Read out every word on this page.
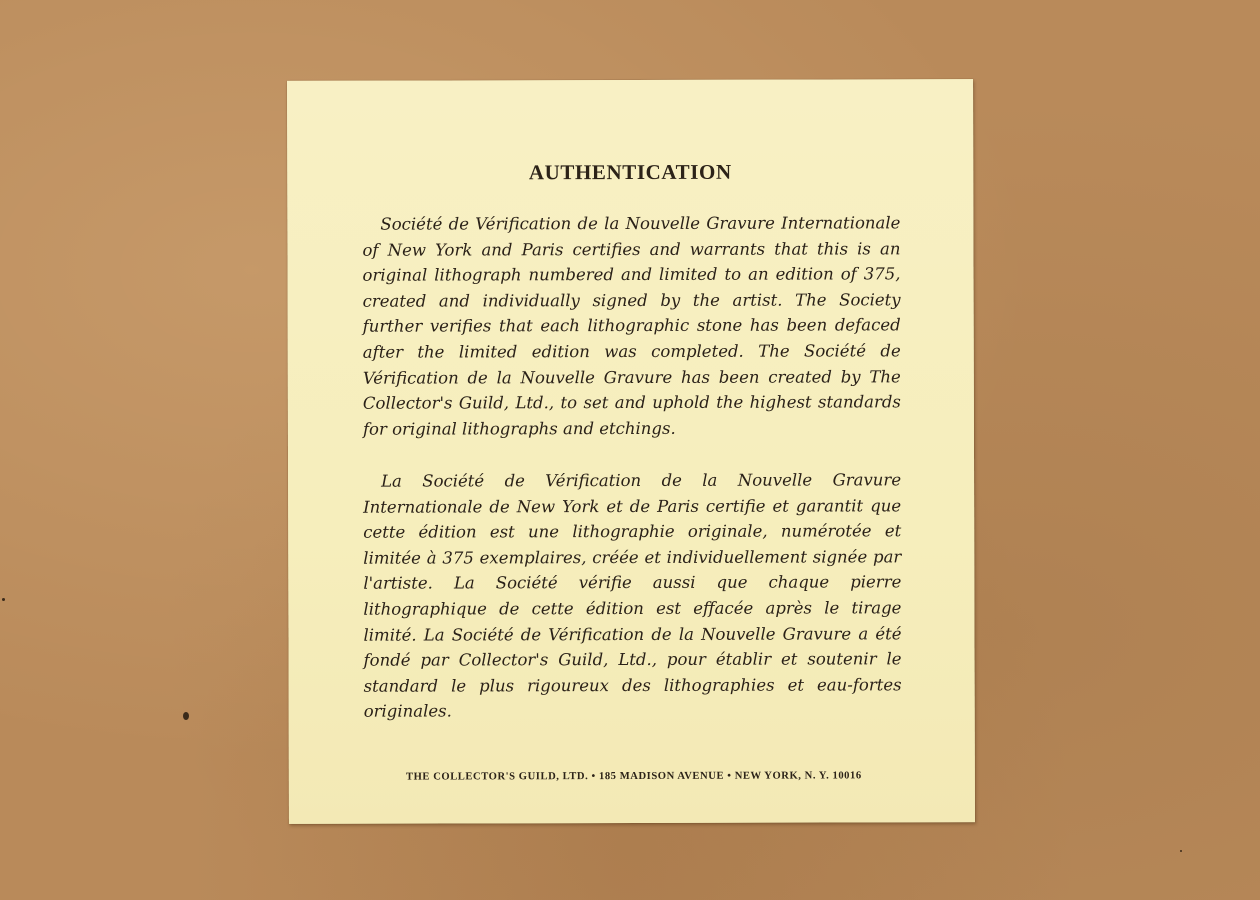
AUTHENTICATION

Société de Vérification de la Nouvelle Gravure Internationale of New York and Paris certifies and warrants that this is an original lithograph numbered and limited to an edition of 375, created and individually signed by the artist. The Society further verifies that each lithographic stone has been defaced after the limited edition was completed. The Société de Vérification de la Nouvelle Gravure has been created by The Collector's Guild, Ltd., to set and uphold the highest standards for original lithographs and etchings.

La Société de Vérification de la Nouvelle Gravure Internationale de New York et de Paris certifie et garantit que cette édition est une lithographie originale, numérotée et limitée à 375 exemplaires, créée et individuellement signée par l'artiste. La Société vérifie aussi que chaque pierre lithographique de cette édition est effacée après le tirage limité. La Société de Vérification de la Nouvelle Gravure a été fondé par Collector's Guild, Ltd., pour établir et soutenir le standard le plus rigoureux des lithographies et eau-fortes originales.

THE COLLECTOR'S GUILD, LTD. • 185 MADISON AVENUE • NEW YORK, N. Y. 10016
